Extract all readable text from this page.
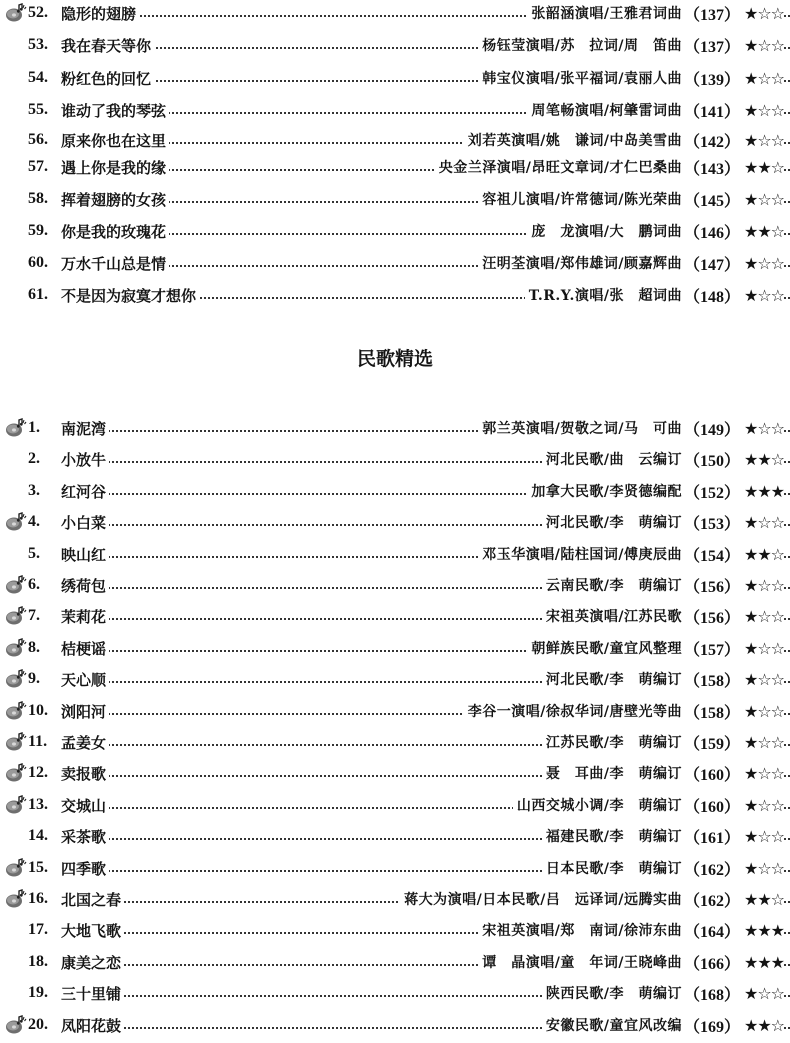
52. 隐形的翅膀	张韶涵演唱/王雅君词曲 （137） ★☆☆
53. 我在春天等你	杨钰莹演唱/苏　拉词/周　笛曲 （137） ★☆☆
54. 粉红色的回忆	韩宝仪演唱/张平福词/袁丽人曲 （139） ★☆☆
55. 谁动了我的琴弦	周笔畅演唱/柯肇雷词曲 （141） ★☆☆
56. 原来你也在这里	刘若英演唱/姚　谦词/中岛美雪曲 （142） ★☆☆
57. 遇上你是我的缘	央金兰泽演唱/昂旺文章词/才仁巴桑曲 （143） ★★☆
58. 挥着翅膀的女孩	容祖儿演唱/许常德词/陈光荣曲 （145） ★☆☆
59. 你是我的玫瑰花	庞　龙演唱/大　鹏词曲 （146） ★★☆
60. 万水千山总是情	汪明荃演唱/郑伟雄词/顾嘉辉曲 （147） ★☆☆
61. 不是因为寂寞才想你	T.R.Y.演唱/张　超词曲 （148） ★☆☆
民歌精选
1. 南泥湾	郭兰英演唱/贺敬之词/马　可曲 （149） ★☆☆
2. 小放牛	河北民歌/曲　云编订 （150） ★★☆
3. 红河谷	加拿大民歌/李贤德编配 （152） ★★★
4. 小白菜	河北民歌/李　萌编订 （153） ★☆☆
5. 映山红	邓玉华演唱/陆柱国词/傅庚辰曲 （154） ★★☆
6. 绣荷包	云南民歌/李　萌编订 （156） ★☆☆
7. 茉莉花	宋祖英演唱/江苏民歌 （156） ★☆☆
8. 桔梗谣	朝鲜族民歌/童宜风整理 （157） ★☆☆
9. 天心顺	河北民歌/李　萌编订 （158） ★☆☆
10. 浏阳河	李谷一演唱/徐叔华词/唐壁光等曲 （158） ★☆☆
11. 孟姜女	江苏民歌/李　萌编订 （159） ★☆☆
12. 卖报歌	聂　耳曲/李　萌编订 （160） ★☆☆
13. 交城山	山西交城小调/李　萌编订 （160） ★☆☆
14. 采茶歌	福建民歌/李　萌编订 （161） ★☆☆
15. 四季歌	日本民歌/李　萌编订 （162） ★☆☆
16. 北国之春	蒋大为演唱/日本民歌/吕　远译词/远腾实曲 （162） ★★☆
17. 大地飞歌	宋祖英演唱/郑　南词/徐沛东曲 （164） ★★★
18. 康美之恋	谭　晶演唱/童　年词/王晓峰曲 （166） ★★★
19. 三十里铺	陕西民歌/李　萌编订 （168） ★☆☆
20. 凤阳花鼓	安徽民歌/童宜风改编 （169） ★★☆
